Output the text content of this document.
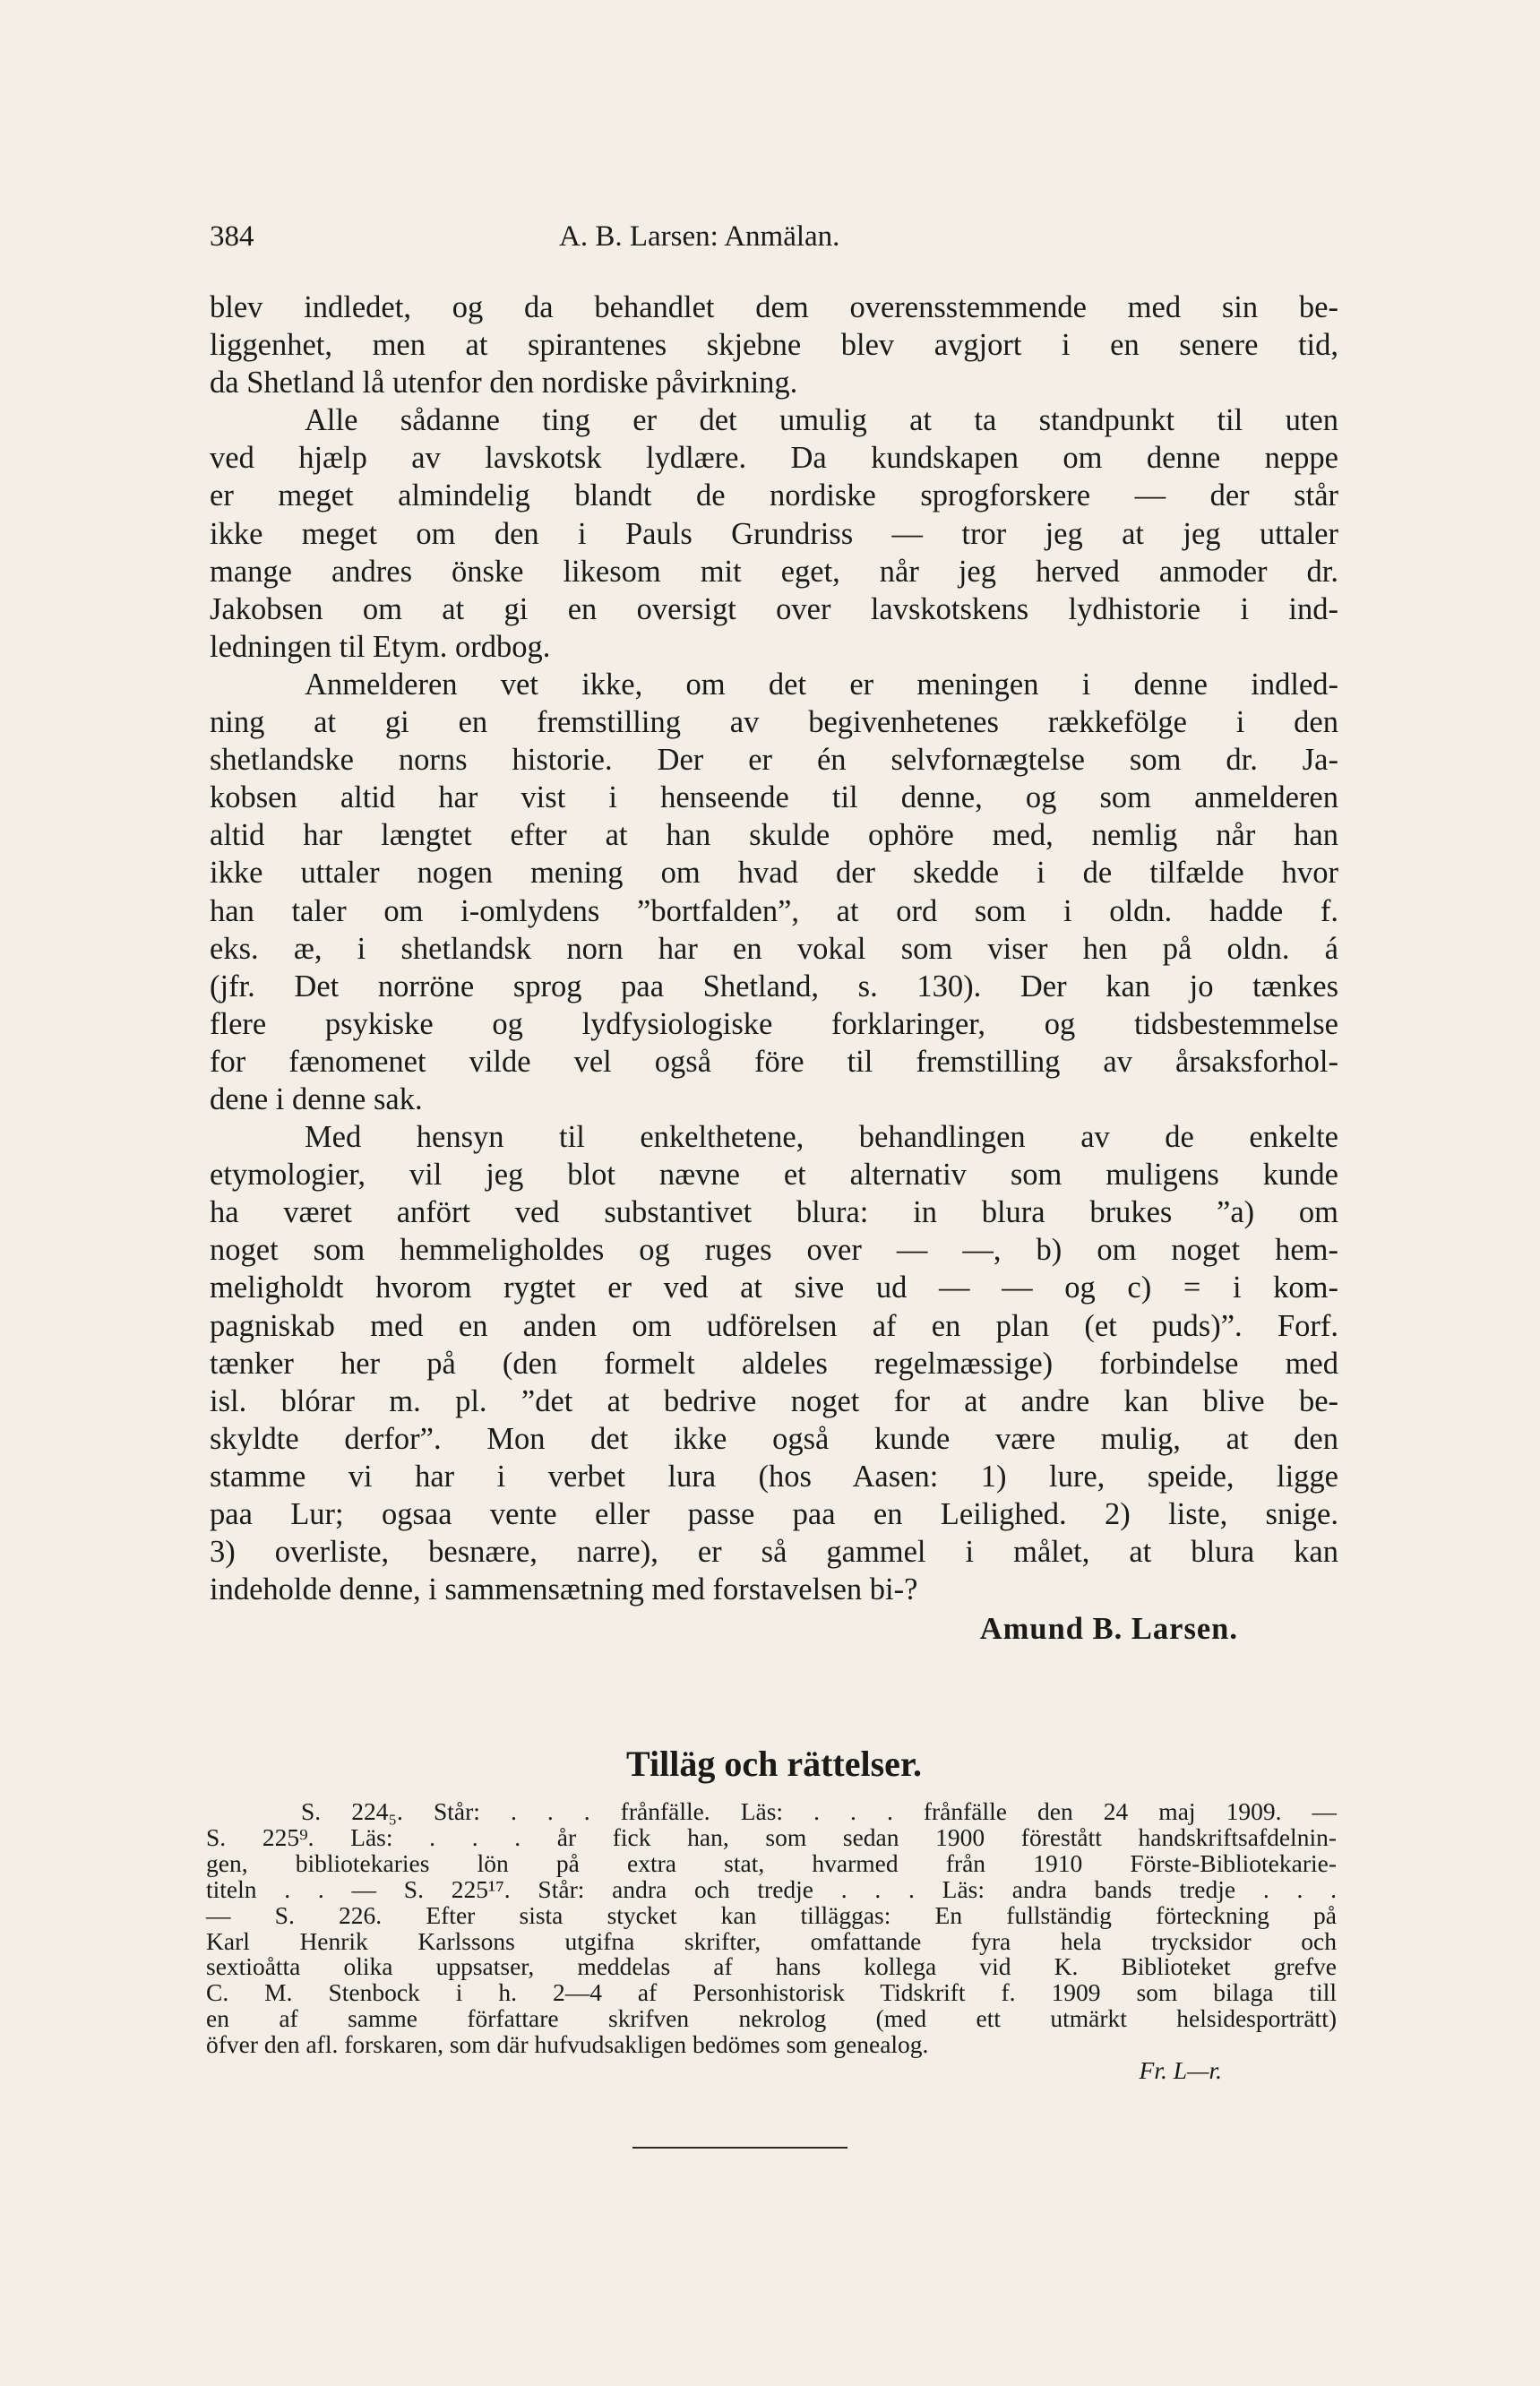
384	A. B. Larsen: Anmälan.
blev indledet, og da behandlet dem overensstemmende med sin be-
liggenhet, men at spirantenes skjebne blev avgjort i en senere tid,
da Shetland lå utenfor den nordiske påvirkning.
Alle sådanne ting er det umulig at ta standpunkt til uten
ved hjælp av lavskotsk lydlære. Da kundskapen om denne neppe
er meget almindelig blandt de nordiske sprogforskere — der står
ikke meget om den i Pauls Grundriss — tror jeg at jeg uttaler
mange andres önske likesom mit eget, når jeg herved anmoder dr.
Jakobsen om at gi en oversigt over lavskotskens lydhistorie i ind-
ledningen til Etym. ordbog.
Anmelderen vet ikke, om det er meningen i denne indled-
ning at gi en fremstilling av begivenhetenes rækkefölge i den
shetlandske norns historie. Der er én selvfornægtelse som dr. Ja-
kobsen altid har vist i henseende til denne, og som anmelderen
altid har længtet efter at han skulde ophöre med, nemlig når han
ikke uttaler nogen mening om hvad der skedde i de tilfælde hvor
han taler om i-omlydens ”bortfalden”, at ord som i oldn. hadde f.
eks. æ, i shetlandsk norn har en vokal som viser hen på oldn. á
(jfr. Det norröne sprog paa Shetland, s. 130). Der kan jo tænkes
flere psykiske og lydfysiologiske forklaringer, og tidsbestemmelse
for fænomenet vilde vel også före til fremstilling av årsaksforhol-
dene i denne sak.
Med hensyn til enkelthetene, behandlingen av de enkelte
etymologier, vil jeg blot nævne et alternativ som muligens kunde
ha været anfört ved substantivet blura: in blura brukes ”a) om
noget som hemmeligholdes og ruges over — —, b) om noget hem-
meligholdt hvorom rygtet er ved at sive ud — — og c) = i kom-
pagniskab med en anden om udförelsen af en plan (et puds)”. Forf.
tænker her på (den formelt aldeles regelmæssige) forbindelse med
isl. blórar m. pl. ”det at bedrive noget for at andre kan blive be-
skyldte derfor”. Mon det ikke også kunde være mulig, at den
stamme vi har i verbet lura (hos Aasen: 1) lure, speide, ligge
paa Lur; ogsaa vente eller passe paa en Leilighed. 2) liste, snige.
3) overliste, besnære, narre), er så gammel i målet, at blura kan
indeholde denne, i sammensætning med forstavelsen bi-?
Amund B. Larsen.
Tilläg och rättelser.
S. 224₅. Står: . . . frånfälle. Läs: . . . frånfälle den 24 maj 1909. —
S. 225⁹. Läs: . . . år fick han, som sedan 1900 förestått handskriftsafdelnin-
gen, bibliotekaries lön på extra stat, hvarmed från 1910 Förste-Bibliotekarie-
titeln . . — S. 225¹⁷. Står: andra och tredje . . . Läs: andra bands tredje . . .
— S. 226. Efter sista stycket kan tilläggas: En fullständig förteckning på
Karl Henrik Karlssons utgifna skrifter, omfattande fyra hela trycksidor och
sextioåtta olika uppsatser, meddelas af hans kollega vid K. Biblioteket grefve
C. M. Stenbock i h. 2—4 af Personhistorisk Tidskrift f. 1909 som bilaga till
en af samme författare skrifven nekrolog (med ett utmärkt helsidesporträtt)
öfver den afl. forskaren, som där hufvudsakligen bedömes som genealog.
Fr. L—r.
